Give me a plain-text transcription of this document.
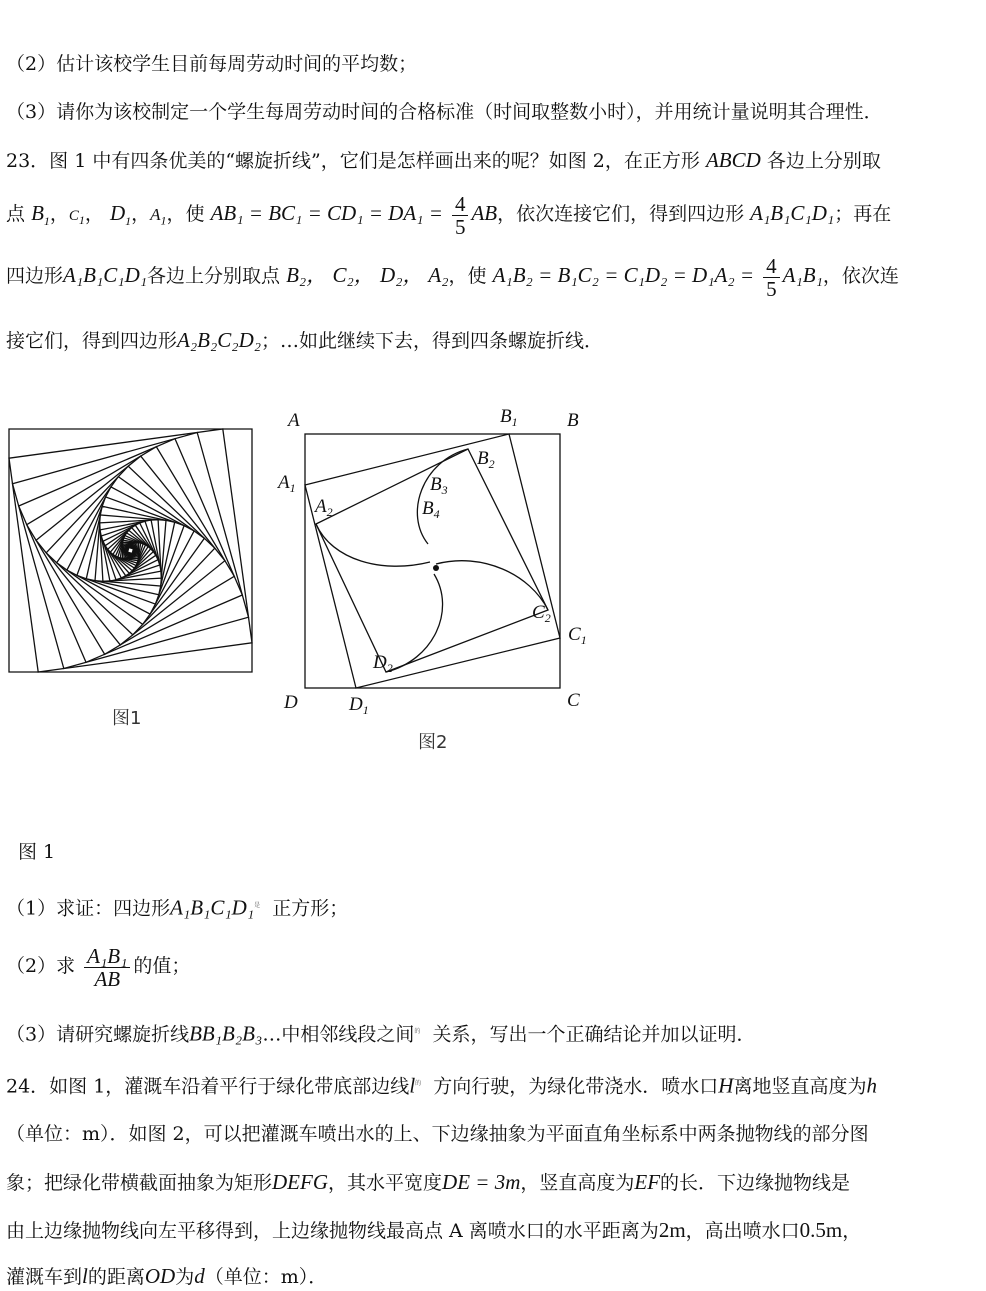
（2）估计该校学生目前每周劳动时间的平均数；
（3）请你为该校制定一个学生每周劳动时间的合格标准（时间取整数小时），并用统计量说明其合理性．
23．图 1 中有四条优美的“螺旋折线”，它们是怎样画出来的呢？如图 2，在正方形 ABCD 各边上分别取
点 $B_1$，$C_1$， $D_1$，$A_1$，使 $AB_1 = BC_1 = CD_1 = DA_1 = \frac{4}{5}$ AB，依次连接它们，得到四边形 A₁B₁C₁D₁；再在
四边形A₁B₁C₁D₁各边上分别取点 B₂， C₂， D₂， A₂，使 $A_1B_2 = B_1C_2 = C_1D_2 = D_1A_2 = \frac{4}{5} A_1B_1$，依次连
接它们，得到四边形A₂B₂C₂D₂；…如此继续下去，得到四条螺旋折线．
图1
A	$B_1$	B
$A_1$
$B_2$
$B_3$
$B_4$
$A_2$
$C_2$
$C_1$
$D_2$
D	$D_1$	C
图2
图 1
（1）求证：四边形A₁B₁C₁D₁$^是$ 正方形；
（2）求 $\frac{\text{A₁B₁}}{AB}$ 的值；
（3）请研究螺旋折线BB₁B₂B₃…中相邻线段之间$^的$ 关系，写出一个正确结论并加以证明．
24．如图 1，灌溉车沿着平行于绿化带底部边线$l^的$ 方向行驶，为绿化带浇水．喷水口H离地竖直高度为h
（单位：m）．如图 2，可以把灌溉车喷出水的上、下边缘抽象为平面直角坐标系中两条抛物线的部分图
象；把绿化带横截面抽象为矩形DEFG，其水平宽度DE = 3m，竖直高度为EF的长．下边缘抛物线是
由上边缘抛物线向左平移得到，上边缘抛物线最高点 A 离喷水口的水平距离为2m，高出喷水口0.5m，
灌溉车到l的距离OD为d（单位：m）．
